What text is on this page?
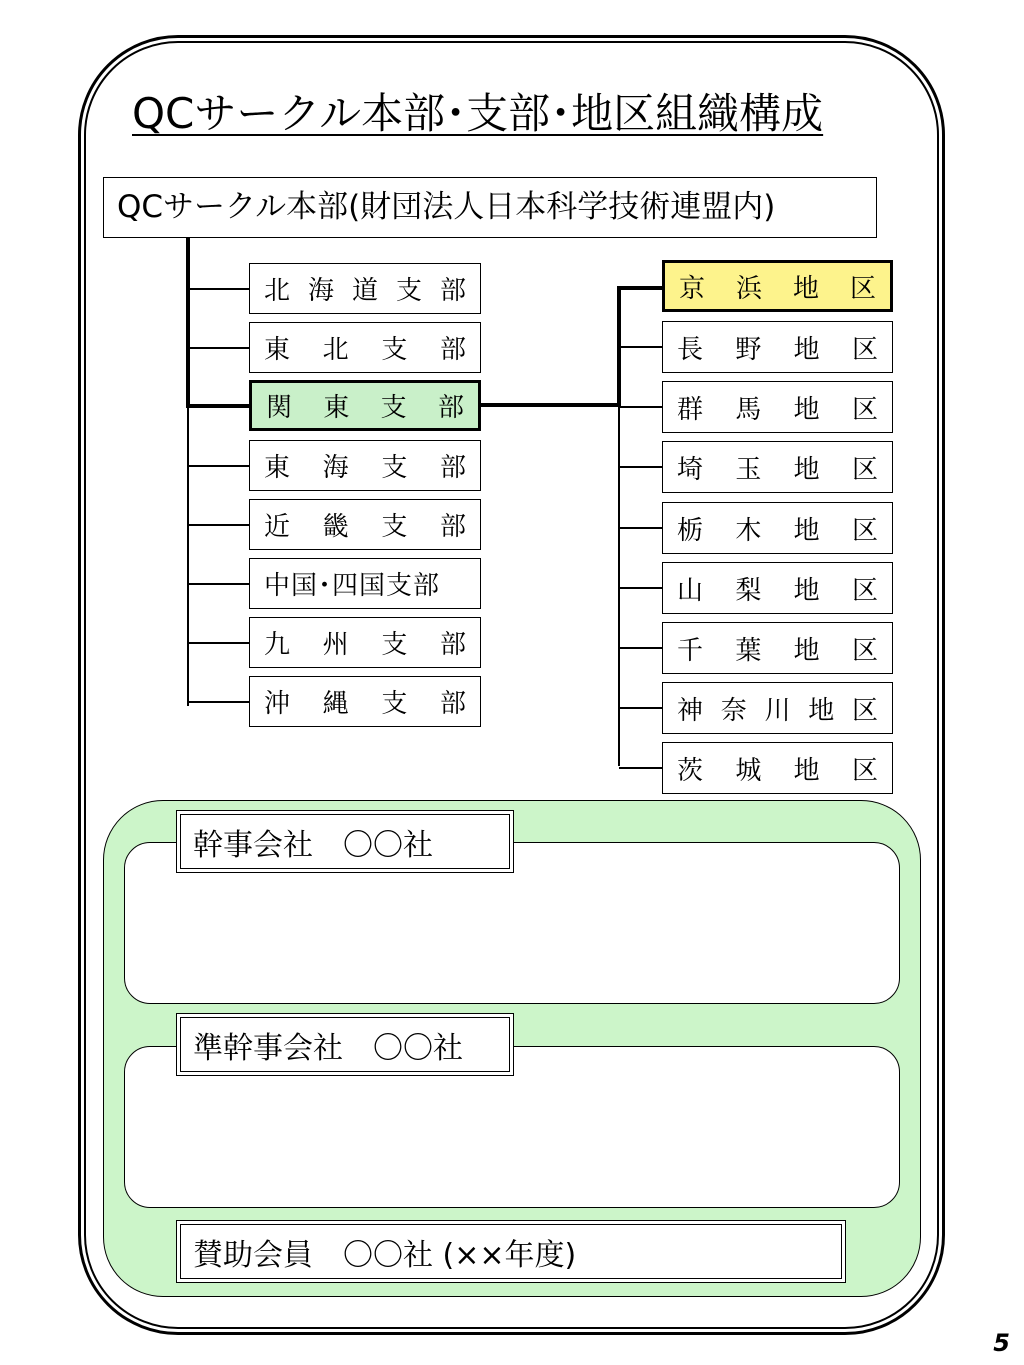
QCサークル本部･支部･地区組織構成
QCサークル本部(財団法人日本科学技術連盟内)
北 海 道 支 部
東 北 支 部
関 東 支 部
東 海 支 部
近 畿 支 部
中国･四国支部
九 州 支 部
沖 縄 支 部
京 浜 地 区
長 野 地 区
群 馬 地 区
埼 玉 地 区
栃 木 地 区
山 梨 地 区
千 葉 地 区
神 奈 川 地 区
茨 城 地 区
幹事会社　〇〇社
準幹事会社　〇〇社
賛助会員　〇〇社 (××年度)
5
